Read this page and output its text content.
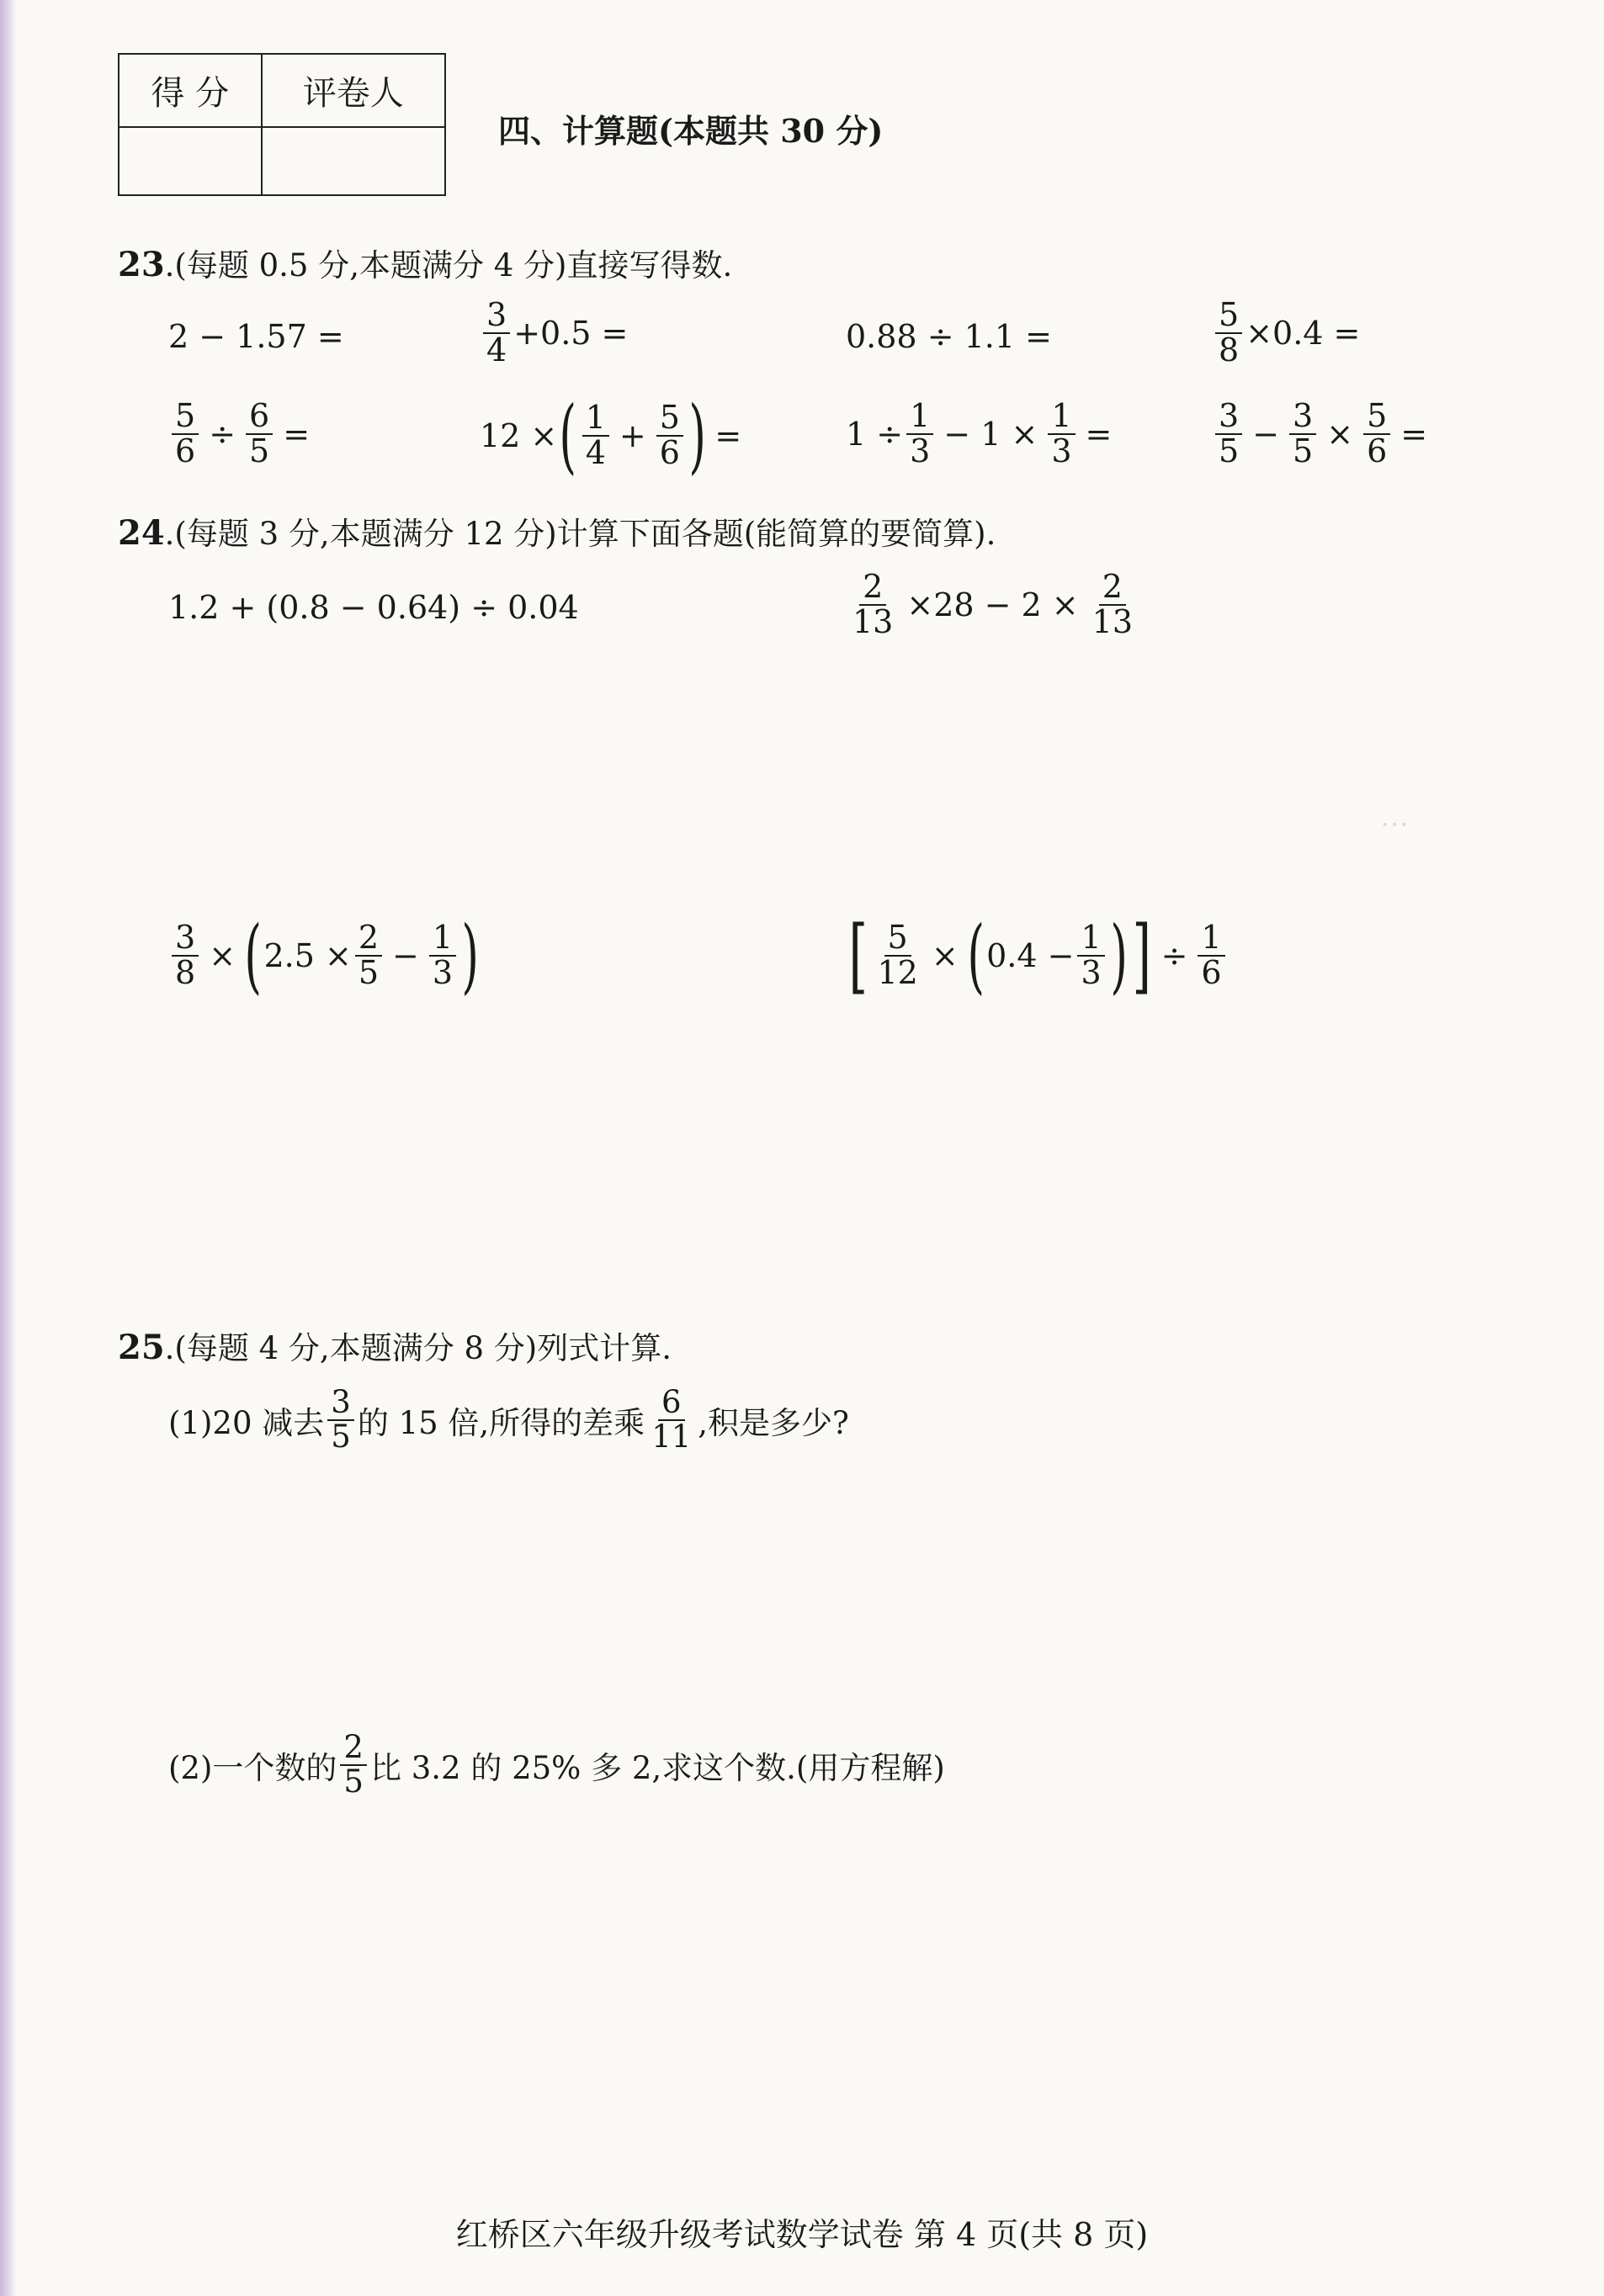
⋯
得 分	评卷人

四、计算题(本题共 30 分)
23.(每题 0.5 分,本题满分 4 分)直接写得数.
2 − 1.57 =	$\frac{3}{4} +0.5$ =	0.88 ÷ 1.1 =	$\frac{5}{8} \times 0.4$ =
$\frac{5}{6} \div \frac{6}{5}$ =	12 × ( $\frac{1}{4} + \frac{5}{6}$ ) =	$1 \div \frac{1}{3} - 1 \times \frac{1}{3}$ =	$\frac{3}{5} - \frac{3}{5} \times \frac{5}{6}$ =
24.(每题 3 分,本题满分 12 分)计算下面各题(能简算的要简算).
1.2 + (0.8 − 0.64) ÷ 0.04	$\frac{2}{13} \times 28 - 2 \times \frac{2}{13}$
$\frac{3}{8}$ × ( $2.5 \times \frac{2}{5} - \frac{1}{3}$ )	[ $\frac{5}{12}$ × ( $0.4 - \frac{1}{3}$ ) ] ÷ $\frac{1}{6}$
25.(每题 4 分,本题满分 8 分)列式计算.
(1)20 减去 $\frac{3}{5}$ 的 15 倍,所得的差乘 $\frac{6}{11}$ ,积是多少?
(2)一个数的 $\frac{2}{5}$ 比 3.2 的 25% 多 2,求这个数.(用方程解)
红桥区六年级升级考试数学试卷 第 4 页(共 8 页)
